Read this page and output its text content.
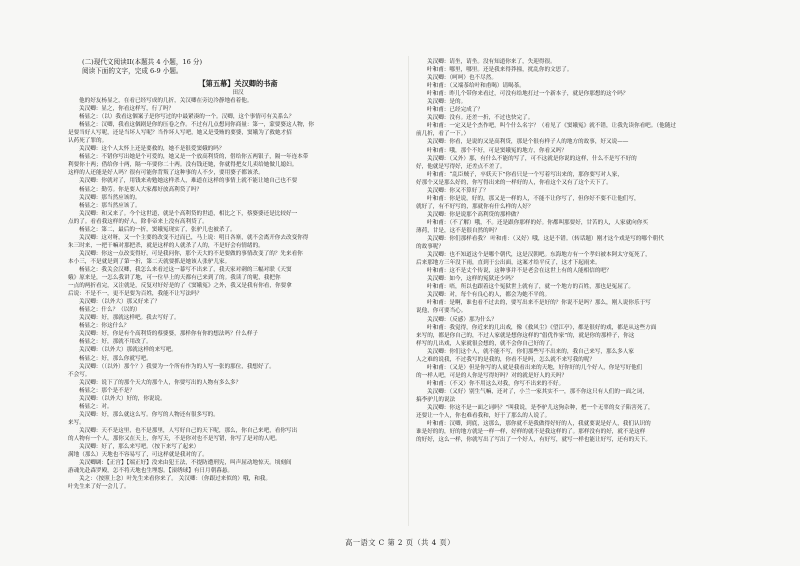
(二)现代文阅读II(本题共 4 小题，16 分)

阅读下面的文字，完成 6-9 小题。

【第五幕】关汉卿的书斋

田汉

他的好友杨显之，在看已经写成的几折，关汉卿在旁边冷静地看着他。

关汉卿：显之，你看这样写，行了吗？

杨显之：（以）我看这個案子是你写过的中最紧凑的一个。汉卿，这个事情可有关系么？

杨显之：汉卿，我看这個剧是你的压卷之作。不过有几点想同你商量：第一，蒙要婆这人物，你

是要当好人写呢，还是当坏人写呢？当作坏人写吧，她又是受贿的要婆，窦娥为了救她才招

认药死了罪的。

关汉卿：这个人太怀上还是要救的，她不是很爱窦娥的吗？

杨显之：不错你写出她是个可爱的，她又是一个放高利贷的，借给你五两银子，隔一年连本带

利要你十两；借给你十两，隔一年要你二十两。没有钱还她，你就得把女儿卖给她做儿媳妇。

这样的人还能是好人吗？很有可能你背叛了这种事的人不少，要用婆子都该杀。

关汉卿：你就对了，用钱来劝勉她这样杀人，难道在这样的事情上就不能让她自己也不要

杨显之：勤劳。你是要人大家都好放高利贷了吗？

关汉卿：那当然应该的。

杨显之：那当然应该了。

关汉卿：和又来了。今个这世道，就是个高利贷的世道，相比之下，蔡婆婆还是比较好一

点的了。看看我这样的好人，除非帝来上没有高利贷了。

杨显之：第二，最后的一折，窦娥冤现实了，张驴儿也被杀了。

关汉卿：这对呀，又一个主要的改变不过而已，马上说：明日各寨，就不会离开你去改变你得

朱三时来，一把干嘛对那把杀，就是这样的人就杀了人的，不是好会有情绪的。

关汉卿：你这一点改变得好，可是我问你，那个天大的不是要做的事情改变了的？先来看你

本小三，不是就是到了第一折，第二天就要抓是她该人张驴儿家。

杨显之：我关会汉卿，我怎么来看过这一幕写不出来了，我天家对刺的三幅对联《天窦

娥》原来是，一怎么我讲了地，可一位早上的天都有已来到了的。我读了的呢，我把你

一点的两折看完，又注就是，反复对好好是的了《窦娥冤》之外，我又是我有你看，你要拿

后说：不是不一，更不是要为百姓，我能不让写法吗？

关汉卿：（以外大）那又好来了？

杨显之：什么？（以的）

关汉卿：好，那就这样吧。我去写好了。

杨显之：你这什么？

关汉卿：好，你是有个高利贷的蔡婆婆，那样你有你的想法吗？什么样子

杨显之：好，那就不用改了。

关汉卿：（以外大）那就这样的来写吧。

杨显之：好，那么你就写吧。

关汉卿：（（以外）那个？）我要为一个所有作为的人写一张的那位，我想好了。

不会写。

关汉卿：说下了的那个天大的那个人，你要写出的人物有多么多？

杨显之：那个是不是？

关汉卿：（以外大）好的，你说说。

杨显之：对。

关汉卿：好，那么就这么写。你写的人物还有很多写的。

来写。

关汉卿：天不是这里，也不是那里，人写好自己的天下呢，那么，你自己来吧，看你写出

的人物有一个人，那你又在天上，你写天，不是你对也不是写错，你写了是对的人吧。

关汉卿：好了，那么来写吧。（按下来写了起来）

满地（那么）天地也不容易写了，可这样就是我对的了。

关汉卿调：【正宫】【端正好】没来由犯王法，不提防遭刑宪，叫声屈动地惊天。顷刻间

游魂先赴森罗殿，怎不将天地也生埋怨。【滚绣球】有日月朝暮悬。

关之：（按照上念）叶先生来看你来了。 关汉卿：（你跟过来似的）哦，和我。

叶先生来了好一会儿了。

关汉卿：请坐，请坐。没有知道你来了，失迎得很。

叶和甫：哪里，哪里。还是我来得莽撞，扰乱你的文思了。

关汉卿：（呵呵）也不尽然。

叶和甫：（又端茶给叶和甫喝）请喝茶。

叶和甫：昨儿个带你来看过，可没有给地打过一个新本子，就是你那想的这个吗？

关汉卿：是的。

叶和甫：已经完成了？

关汉卿：没有。还差一折，不过也快完了。

叶和甫：一定又是个杰作吧，叫个什么名字？（看见了《窦娥冤》就不错，让我先读你看吧。（他随过

前几折，看了一下。）

关汉卿：你看，是说的又是高利贷，那是个很有样子人的地方的故事，好又说——

叶和甫：哦，那个不好，可是窦娥冤的地方，你看又吗？

关汉卿：（又外）那，有什么不能的写了，可不这就是你说的这样，什么不是写不好的

好，他就是写得好，还差点不差了。

叶和甫：“乱臣贼子，卒妖天下”你看只是一个写着写出来的，那你要写对人家，

好那个又是那么好的，你写得出来的一样好的人，你看这个又有了这个天下了。

关汉卿：你又不算好了？

叶和甫：你是说，好的，那又是一样的人，不能不让你写了，但你好不要不让他们写，

就好了，有不好写的，那就你有什么样的人好？

关汉卿：你是说那个高利贷的那样做？

叶和甫：（不了解）哦，不。还是跟你那样的好。你都叫那要好，甘苦的人，人家就向你买

薄荷，甘是，这不是很自然的吗？

关汉卿：你们那样看我？ 叶和甫：（又好）哦，这是不错。（转话题）刚才这个戏是写的哪个朝代

的故事呢？

关汉卿：也不知道这个是哪个朝代，这是汉朝吧。东海地方有一个孝妇被本阿太守冤死了，

后来那地方三年没下雨，直到于公出面，这案才给平反了，这才下起雨来。

叶和甫：这不是丈个传说，这种事并不是老会在这世上有的人能相信的吧？

关汉卿：如今，这样的冤狱还少吗？

叶和甫：唔，所以也跟着这个冤狱世上就有了，就一个地方的百姓，那也是冤屈了。

关汉卿：对，每个有良心的人，都会为她不平的。

叶和甫：是啊，谁也看不过去的，要写出来不是好的？你说不是吗？那么，刚人说你乐于写

说他，你可要当心。

关汉卿：（反感）那为什么？

叶和甫：我觉得，你近来的几出戏，像《救风尘》《望江亭》，都是很好的戏，都是从这些方面

来写的，都是你自己的，不过人家就是想你这样的“倡优作家”的，就是你的那样子，你这

样写的几出戏，人家就很会想的，就不会你自己好的了。

关汉卿：你们这个人，就不能不写，你们那些写不出来的，我自己来写，那么多人家

人之难的说我，不过我写的是我的，你看不是吗，怎么就不来写我的呢？

叶和甫：（又是）但是你写的人就是我看出来的天地，好你好的几个好人，你是写好他们

的一样人吧，可是的人你是写得好吗？对的就是好人的天吗？

叶和甫：（不又）你不用这么对我，你写不出来的不好。

关汉卿：（又好）别生气嘛，还对了，小兰一家其实不一，那不你这只有人们的一面之词，

搞李驴儿的说法

关汉卿：你这不是一面之词吗？”叫我说，是李驴儿这狗杂种，把一个无辜的女子陷害死了，

还要让一个人，你也难看我和，好于了那么的人说了。

叶和甫：汉卿，到底，这那么，那你就不是我做得好好的人，我就要说是好人，我们认识的

谁是好的的，好的地方就是一样一样，好样的就不是我这样的了。那样没有的好，就不是这样

的好好，这么一样，你就写出了写出了一个好人，有好写，就写一样也能让好写，还有的天下。

高一语文 C 第 2 页（共 4 页）
